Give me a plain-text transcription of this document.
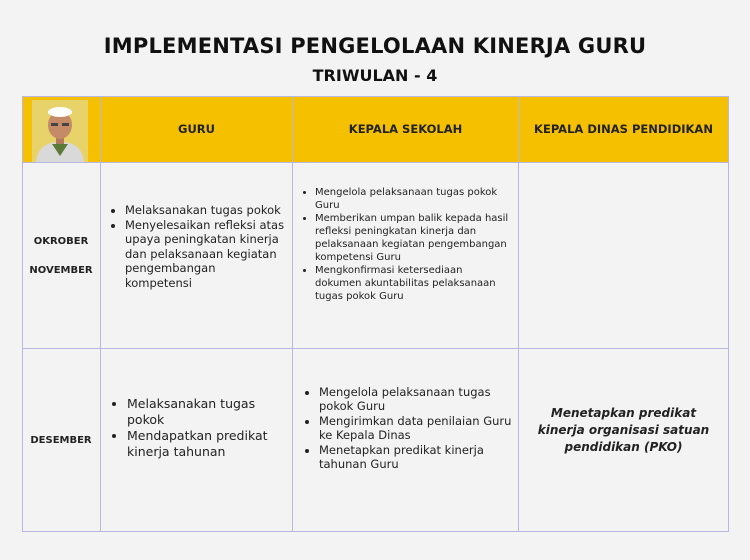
IMPLEMENTASI PENGELOLAAN KINERJA GURU
TRIWULAN - 4
GURU	KEPALA SEKOLAH	KEPALA DINAS PENDIDIKAN
OKROBER
NOVEMBER
• Melaksanakan tugas pokok
• Menyelesaikan refleksi atas upaya peningkatan kinerja dan pelaksanaan kegiatan pengembangan kompetensi
• Mengelola pelaksanaan tugas pokok Guru
• Memberikan umpan balik kepada hasil refleksi peningkatan kinerja dan pelaksanaan kegiatan pengembangan kompetensi Guru
• Mengkonfirmasi ketersediaan dokumen akuntabilitas pelaksanaan tugas pokok Guru
DESEMBER
• Melaksanakan tugas pokok
• Mendapatkan predikat kinerja tahunan
• Mengelola pelaksanaan tugas pokok Guru
• Mengirimkan data penilaian Guru ke Kepala Dinas
• Menetapkan predikat kinerja tahunan Guru
Menetapkan predikat kinerja organisasi satuan pendidikan (PKO)
